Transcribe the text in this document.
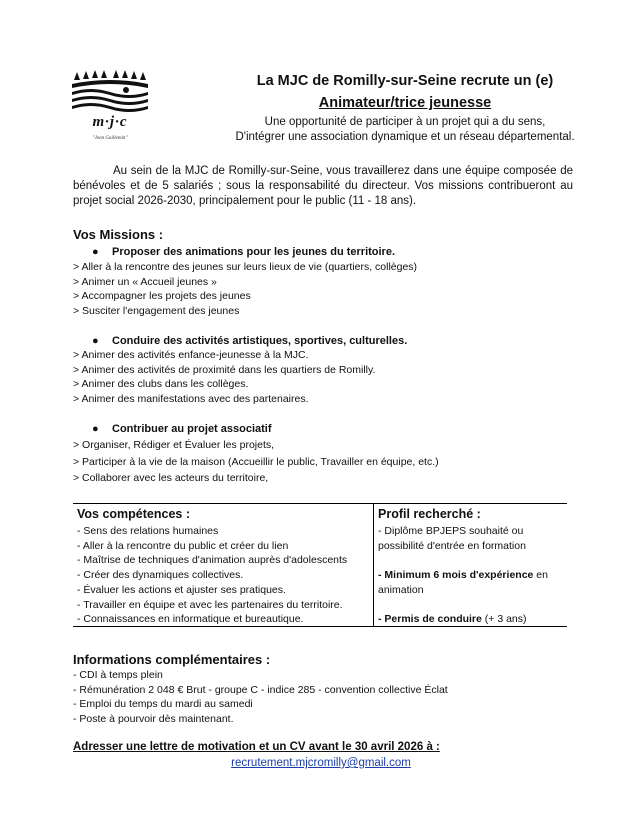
m·j·c
"Jean Guillemin"
La MJC de Romilly-sur-Seine recrute un (e)
Animateur/trice jeunesse
Une opportunité de participer à un projet qui a du sens,
D'intégrer une association dynamique et un réseau départemental.
Au sein de la MJC de Romilly-sur-Seine, vous travaillerez dans une équipe composée de bénévoles et de 5 salariés ; sous la responsabilité du directeur. Vos missions contribueront au projet social 2026-2030, principalement pour le public (11 - 18 ans).
Vos Missions :
● Proposer des animations pour les jeunes du territoire.
> Aller à la rencontre des jeunes sur leurs lieux de vie (quartiers, collèges)
> Animer un « Accueil jeunes »
> Accompagner les projets des jeunes
> Susciter l'engagement des jeunes
● Conduire des activités artistiques, sportives, culturelles.
> Animer des activités enfance-jeunesse à la MJC.
> Animer des activités de proximité dans les quartiers de Romilly.
> Animer des clubs dans les collèges.
> Animer des manifestations avec des partenaires.
● Contribuer au projet associatif
> Organiser, Rédiger et Évaluer les projets,
> Participer à la vie de la maison (Accueillir le public, Travailler en équipe, etc.)
> Collaborer avec les acteurs du territoire,
Vos compétences :	Profil recherché :
- Sens des relations humaines
- Aller à la rencontre du public et créer du lien
- Maîtrise de techniques d'animation auprès d'adolescents
- Créer des dynamiques collectives.
- Évaluer les actions et ajuster ses pratiques.
- Travailler en équipe et avec les partenaires du territoire.
- Connaissances en informatique et bureautique.
- Diplôme BPJEPS souhaité ou possibilité d'entrée en formation
- Minimum 6 mois d'expérience en animation
- Permis de conduire (+ 3 ans)
Informations complémentaires :
- CDI à temps plein
- Rémunération 2 048 € Brut - groupe C - indice 285 - convention collective Éclat
- Emploi du temps du mardi au samedi
- Poste à pourvoir dès maintenant.
Adresser une lettre de motivation et un CV avant le 30 avril 2026 à :
recrutement.mjcromilly@gmail.com
